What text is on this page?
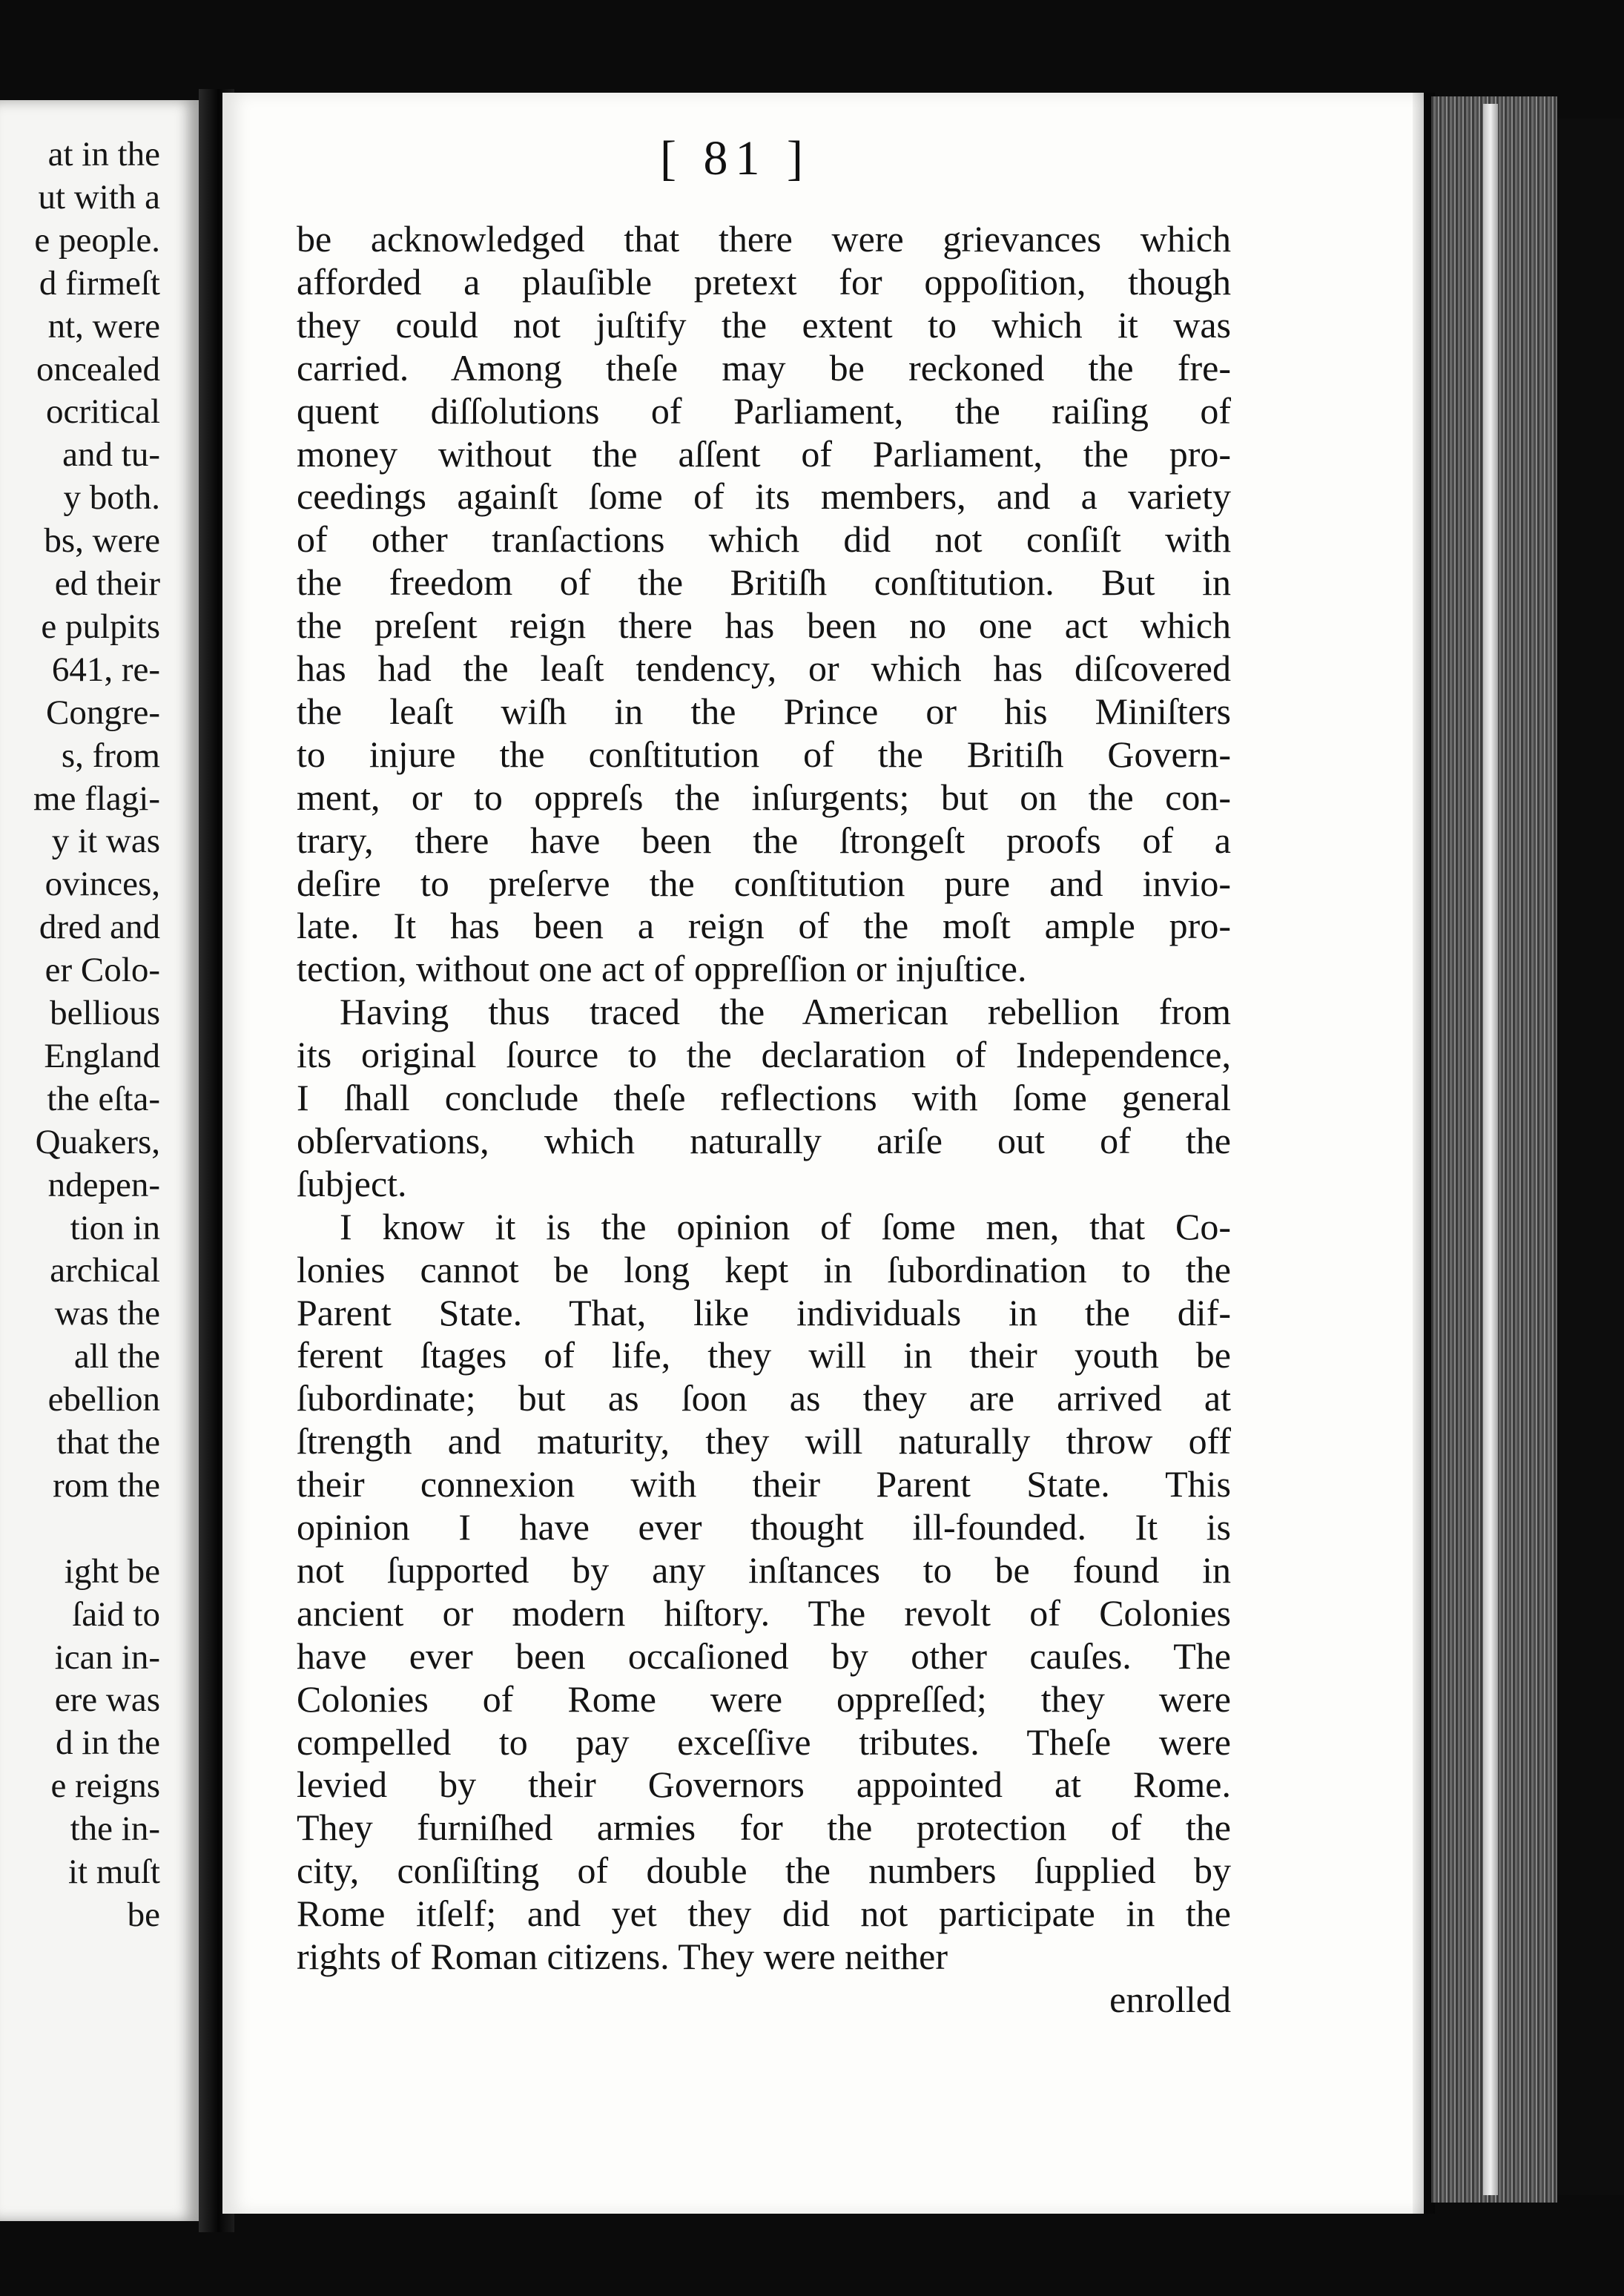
at in the
ut with a
e people.
d firmeſt
nt, were
oncealed
ocritical
and tu-
y both.
bs, were
ed their
e pulpits
641, re-
Congre-
s, from
me flagi-
y it was
ovinces,
dred and
er Colo-
bellious
England
the eſta-
Quakers,
ndepen-
tion in
archical
was the
all the
ebellion
that the
rom the
ight be
ſaid to
ican in-
ere was
d in the
e reigns
the in-
it muſt
be
[ 81 ]
be acknowledged that there were grievances which
afforded a plauſible pretext for oppoſition, though
they could not juſtify the extent to which it was
carried. Among theſe may be reckoned the fre-
quent diſſolutions of Parliament, the raiſing of
money without the aſſent of Parliament, the pro-
ceedings againſt ſome of its members, and a variety
of other tranſactions which did not conſiſt with
the freedom of the Britiſh conſtitution. But in
the preſent reign there has been no one act which
has had the leaſt tendency, or which has diſcovered
the leaſt wiſh in the Prince or his Miniſters
to injure the conſtitution of the Britiſh Govern-
ment, or to oppreſs the inſurgents; but on the con-
trary, there have been the ſtrongeſt proofs of a
deſire to preſerve the conſtitution pure and invio-
late. It has been a reign of the moſt ample pro-
tection, without one act of oppreſſion or injuſtice.
Having thus traced the American rebellion from
its original ſource to the declaration of Independence,
I ſhall conclude theſe reflections with ſome general
obſervations, which naturally ariſe out of the
ſubject.
I know it is the opinion of ſome men, that Co-
lonies cannot be long kept in ſubordination to the
Parent State. That, like individuals in the dif-
ferent ſtages of life, they will in their youth be
ſubordinate; but as ſoon as they are arrived at
ſtrength and maturity, they will naturally throw off
their connexion with their Parent State. This
opinion I have ever thought ill-founded. It is
not ſupported by any inſtances to be found in
ancient or modern hiſtory. The revolt of Colonies
have ever been occaſioned by other cauſes. The
Colonies of Rome were oppreſſed; they were
compelled to pay exceſſive tributes. Theſe were
levied by their Governors appointed at Rome.
They furniſhed armies for the protection of the
city, conſiſting of double the numbers ſupplied by
Rome itſelf; and yet they did not participate in the
rights of Roman citizens. They were neither
enrolled
